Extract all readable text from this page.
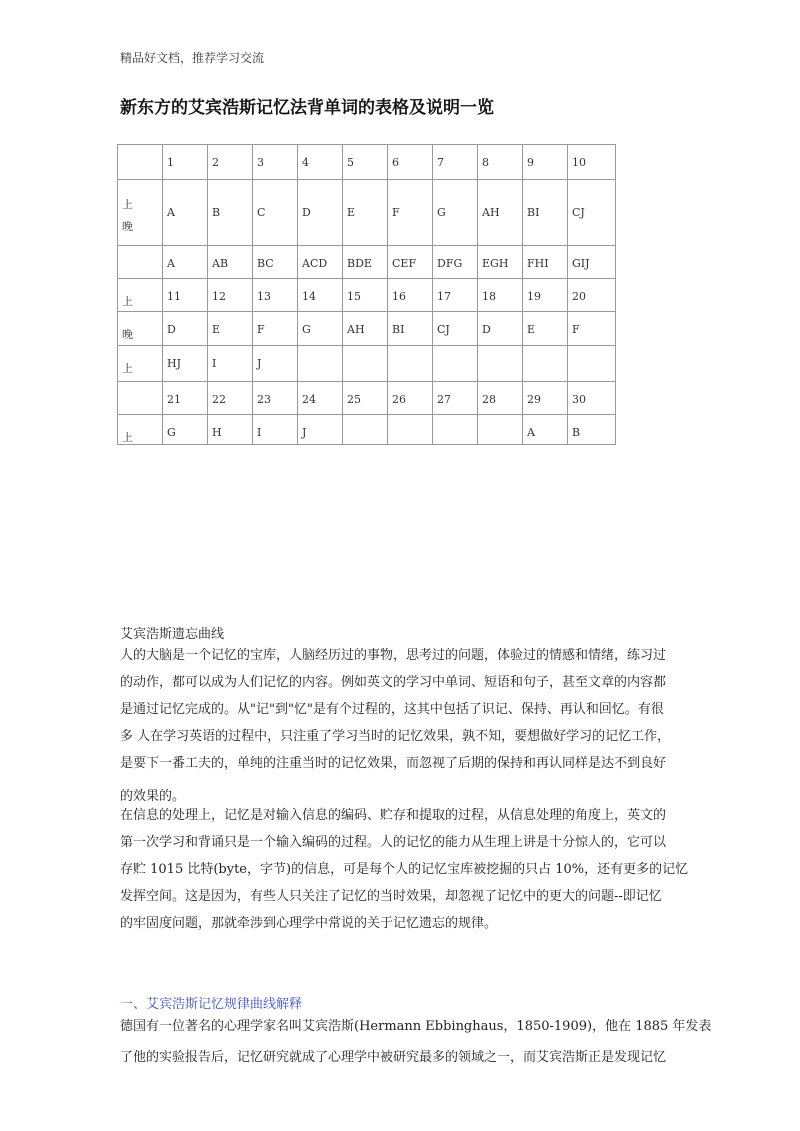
精品好文档，推荐学习交流
新东方的艾宾浩斯记忆法背单词的表格及说明一览

	1	2	3	4	5	6	7	8	9	10

上
晚	A	B	C	D	E	F	G	AH	BI	CJ

	A	AB	BC	ACD	BDE	CEF	DFG	EGH	FHI	GIJ

上	11	12	13	14	15	16	17	18	19	20

晚	D	E	F	G	AH	BI	CJ	D	E	F

上	HJ	I	J							

	21	22	23	24	25	26	27	28	29	30

上	G	H	I	J					A	B
艾宾浩斯遗忘曲线
人的大脑是一个记忆的宝库，人脑经历过的事物，思考过的问题，体验过的情感和情绪，练习过
的动作，都可以成为人们记忆的内容。例如英文的学习中单词、短语和句子，甚至文章的内容都
是通过记忆完成的。从"记"到"忆"是有个过程的，这其中包括了识记、保持、再认和回忆。有很
多 人在学习英语的过程中，只注重了学习当时的记忆效果，孰不知，要想做好学习的记忆工作，
是要下一番工夫的，单纯的注重当时的记忆效果，而忽视了后期的保持和再认同样是达不到良好
的效果的。
在信息的处理上，记忆是对输入信息的编码、贮存和提取的过程，从信息处理的角度上，英文的
第一次学习和背诵只是一个输入编码的过程。人的记忆的能力从生理上讲是十分惊人的，它可以
存贮 1015 比特(byte，字节)的信息，可是每个人的记忆宝库被挖掘的只占 10%，还有更多的记忆
发挥空间。这是因为，有些人只关注了记忆的当时效果，却忽视了记忆中的更大的问题--即记忆
的牢固度问题，那就牵涉到心理学中常说的关于记忆遗忘的规律。
一、艾宾浩斯记忆规律曲线解释
德国有一位著名的心理学家名叫艾宾浩斯(Hermann Ebbinghaus，1850-1909)，他在 1885 年发表
了他的实验报告后，记忆研究就成了心理学中被研究最多的领域之一，而艾宾浩斯正是发现记忆
